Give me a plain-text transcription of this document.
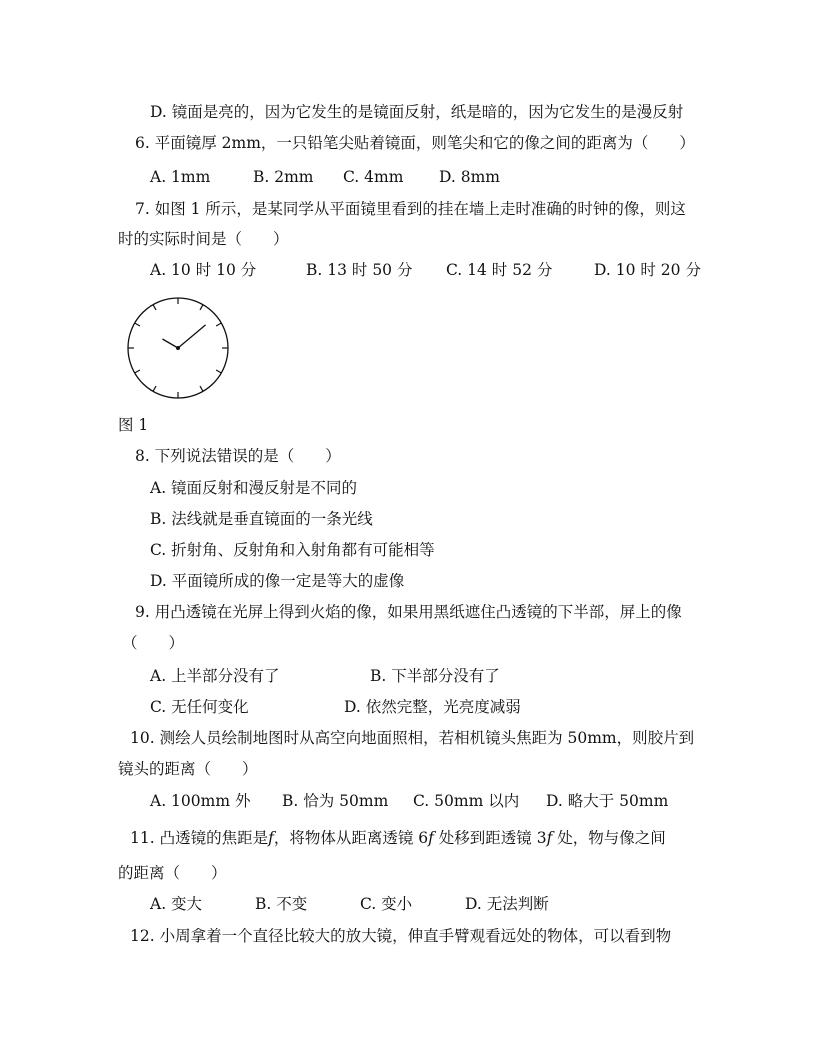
D. 镜面是亮的，因为它发生的是镜面反射，纸是暗的，因为它发生的是漫反射
6. 平面镜厚 2mm，一只铅笔尖贴着镜面，则笔尖和它的像之间的距离为（　　）
A. 1mm	B. 2mm C. 4mm D. 8mm
7. 如图 1 所示，是某同学从平面镜里看到的挂在墙上走时准确的时钟的像，则这
时的实际时间是（　　）
A. 10 时 10 分	B. 13 时 50 分 C. 14 时 52 分	D. 10 时 20 分
图 1
8. 下列说法错误的是（　　）
A. 镜面反射和漫反射是不同的
B. 法线就是垂直镜面的一条光线
C. 折射角、反射角和入射角都有可能相等
D. 平面镜所成的像一定是等大的虚像
9. 用凸透镜在光屏上得到火焰的像，如果用黑纸遮住凸透镜的下半部，屏上的像
（　　）
A. 上半部分没有了	B. 下半部分没有了
C. 无任何变化	D. 依然完整，光亮度减弱
10. 测绘人员绘制地图时从高空向地面照相，若相机镜头焦距为 50mm，则胶片到
镜头的距离（　　）
A. 100mm 外 B. 恰为 50mm C. 50mm 以内 D. 略大于 50mm
11. 凸透镜的焦距是f，将物体从距离透镜 6f 处移到距透镜 3f 处，物与像之间
的距离（　　）
A. 变大	B. 不变	C. 变小	D. 无法判断
12. 小周拿着一个直径比较大的放大镜，伸直手臂观看远处的物体，可以看到物
